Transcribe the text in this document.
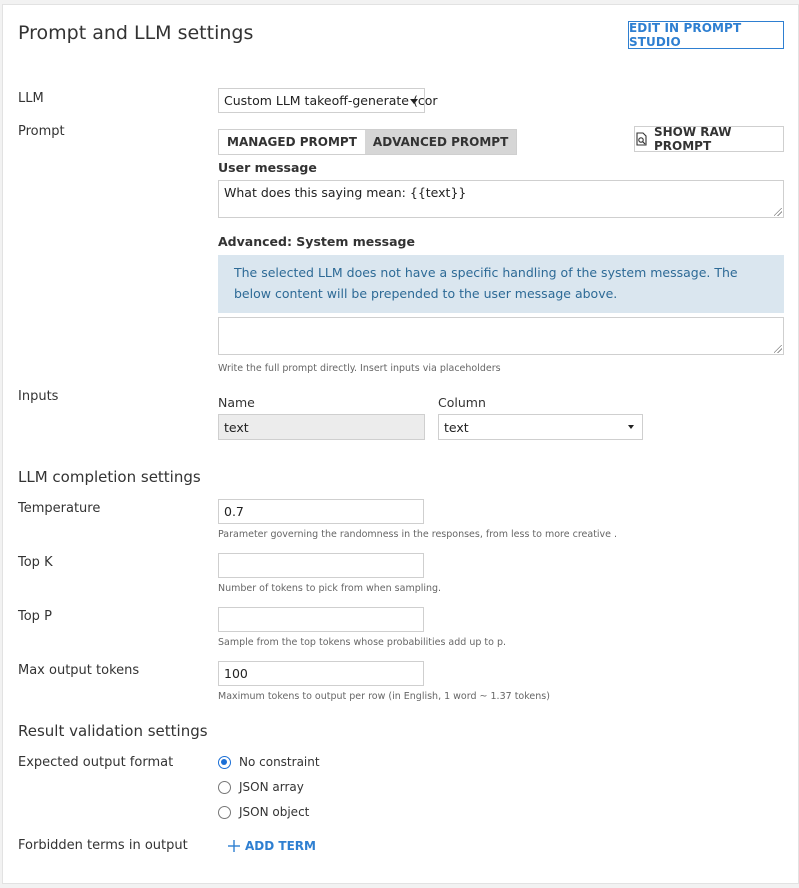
Prompt and LLM settings	EDIT IN PROMPT STUDIO
LLM	Custom LLM takeoff-generate (cor
Prompt
MANAGED PROMPT	ADVANCED PROMPT
SHOW RAW PROMPT
User message
What does this saying mean: {{text}}
Advanced: System message
The selected LLM does not have a specific handling of the system message. The below content will be prepended to the user message above.
Write the full prompt directly. Insert inputs via placeholders
Inputs	Name	Column
text	text
LLM completion settings
Temperature	0.7
Parameter governing the randomness in the responses, from less to more creative .
Top K
Number of tokens to pick from when sampling.
Top P
Sample from the top tokens whose probabilities add up to p.
Max output tokens	100
Maximum tokens to output per row (in English, 1 word ~ 1.37 tokens)
Result validation settings
Expected output format	No constraint
JSON array
JSON object
Forbidden terms in output	ADD TERM
